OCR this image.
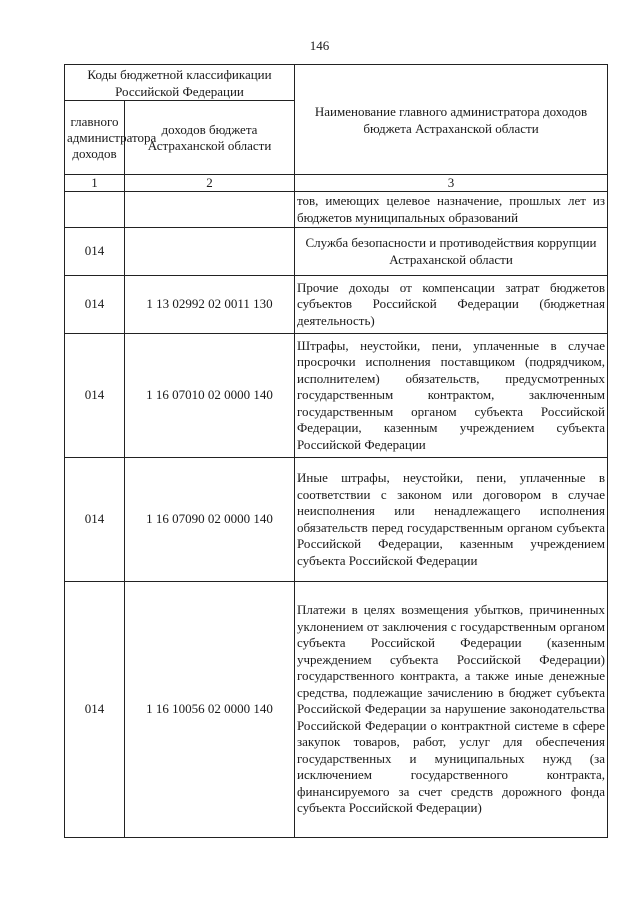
146
Коды бюджетной классификации Российской Федерации		Наименование главного администратора доходов бюджета Астраханской области
главного администратора доходов	доходов бюджета Астраханской области	
1	2	3
		тов, имеющих целевое назначение, прошлых лет из бюджетов муниципальных образований
014		Служба безопасности и противодействия коррупции Астраханской области
014	1 13 02992 02 0011 130	Прочие доходы от компенсации затрат бюджетов субъектов Российской Федерации (бюджетная деятельность)
014	1 16 07010 02 0000 140	Штрафы, неустойки, пени, уплаченные в случае просрочки исполнения поставщиком (подрядчиком, исполнителем) обязательств, предусмотренных государственным контрактом, заключенным государственным органом субъекта Российской Федерации, казенным учреждением субъекта Российской Федерации
014	1 16 07090 02 0000 140	Иные штрафы, неустойки, пени, уплаченные в соответствии с законом или договором в случае неисполнения или ненадлежащего исполнения обязательств перед государственным органом субъекта Российской Федерации, казенным учреждением субъекта Российской Федерации
014	1 16 10056 02 0000 140	Платежи в целях возмещения убытков, причиненных уклонением от заключения с государственным органом субъекта Российской Федерации (казенным учреждением субъекта Российской Федерации) государственного контракта, а также иные денежные средства, подлежащие зачислению в бюджет субъекта Российской Федерации за нарушение законодательства Российской Федерации о контрактной системе в сфере закупок товаров, работ, услуг для обеспечения государственных и муниципальных нужд (за исключением государственного контракта, финансируемого за счет средств дорожного фонда субъекта Российской Федерации)
